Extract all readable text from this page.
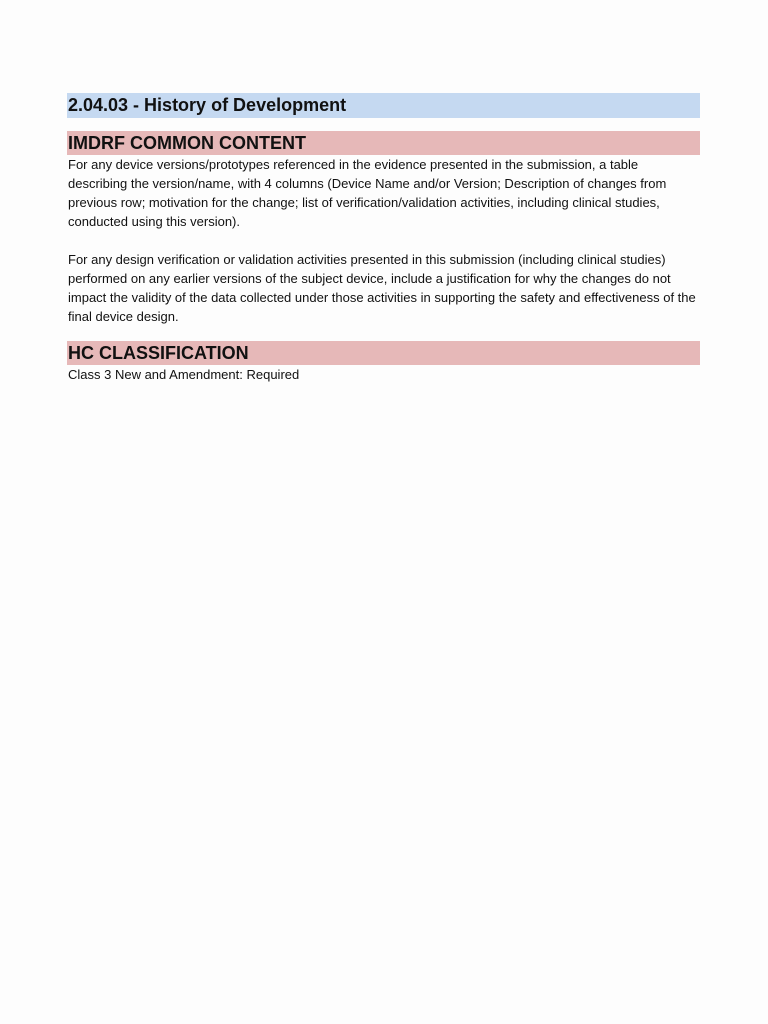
2.04.03 - History of Development
IMDRF COMMON CONTENT

For any device versions/prototypes referenced in the evidence presented in the submission, a table describing the version/name, with 4 columns (Device Name and/or Version; Description of changes from previous row; motivation for the change; list of verification/validation activities, including clinical studies, conducted using this version).

For any design verification or validation activities presented in this submission (including clinical studies) performed on any earlier versions of the subject device, include a justification for why the changes do not impact the validity of the data collected under those activities in supporting the safety and effectiveness of the final device design.

HC CLASSIFICATION
Class 3 New and Amendment: Required
